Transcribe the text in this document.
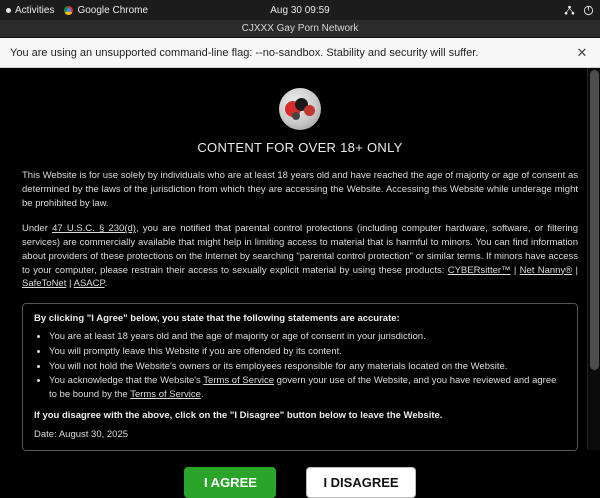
Activities Google Chrome	Aug 30 09:59
CJXXX Gay Porn Network
You are using an unsupported command-line flag: --no-sandbox. Stability and security will suffer.	✕
CONTENT FOR OVER 18+ ONLY

This Website is for use solely by individuals who are at least 18 years old and have reached the age of majority or age of consent as determined by the laws of the jurisdiction from which they are accessing the Website. Accessing this Website while underage might be prohibited by law.

Under 47 U.S.C. § 230(d), you are notified that parental control protections (including computer hardware, software, or filtering services) are commercially available that might help in limiting access to material that is harmful to minors. You can find information about providers of these protections on the Internet by searching "parental control protection" or similar terms. If minors have access to your computer, please restrain their access to sexually explicit material by using these products: CYBERsitter™ | Net Nanny® | SafeToNet | ASACP.

By clicking "I Agree" below, you state that the following statements are accurate:

• You are at least 18 years old and the age of majority or age of consent in your jurisdiction.
• You will promptly leave this Website if you are offended by its content.
• You will not hold the Website's owners or its employees responsible for any materials located on the Website.
• You acknowledge that the Website's Terms of Service govern your use of the Website, and you have reviewed and agree to be bound by the Terms of Service.

If you disagree with the above, click on the "I Disagree" button below to leave the Website.

Date: August 30, 2025

I AGREE	I DISAGREE
